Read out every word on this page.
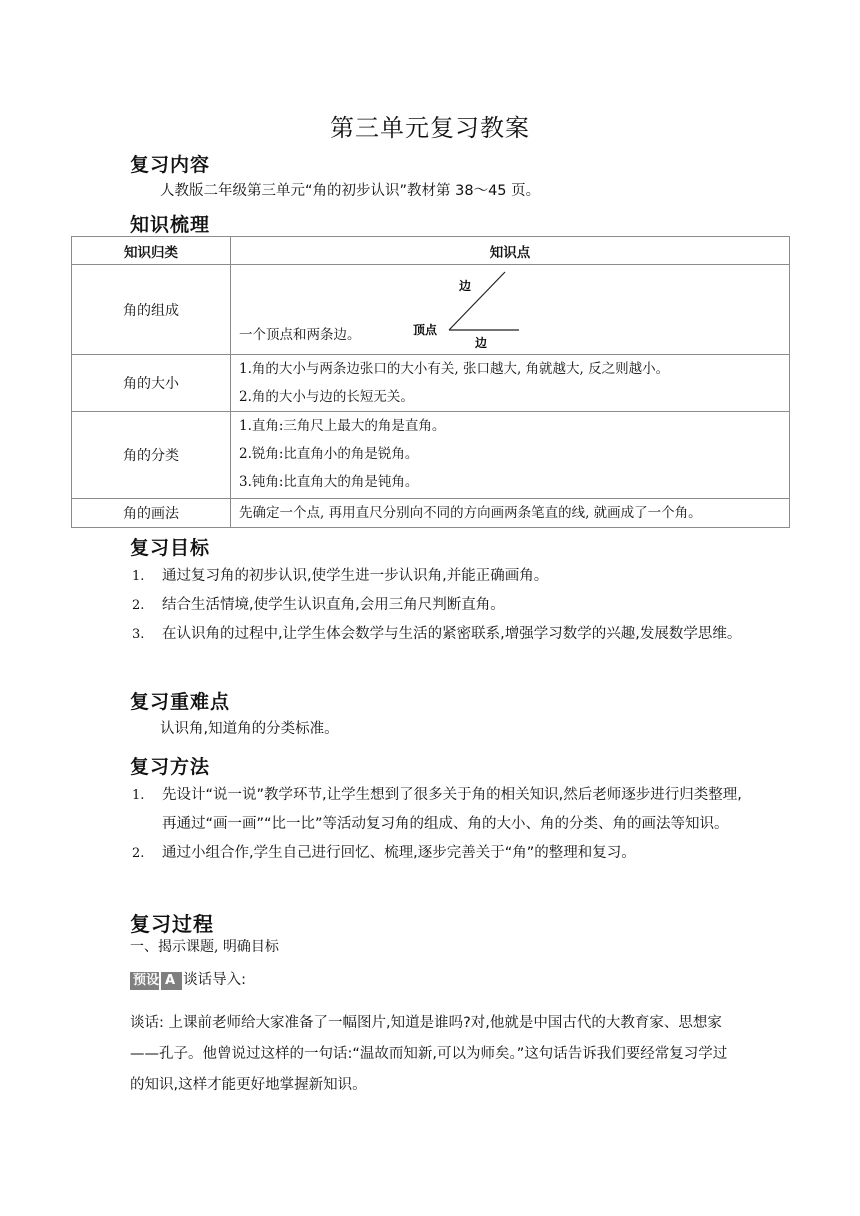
第三单元复习教案
复习内容
人教版二年级第三单元“角的初步认识”教材第 38～45 页。
知识梳理
知识归类	知识点
角的组成	一个顶点和两条边。
边
边
顶点

角的大小	1.角的大小与两条边张口的大小有关, 张口越大, 角就越大, 反之则越小。
2.角的大小与边的长短无关。

角的分类	1.直角:三角尺上最大的角是直角。
2.锐角:比直角小的角是锐角。
3.钝角:比直角大的角是钝角。

角的画法	先确定一个点, 再用直尺分别向不同的方向画两条笔直的线, 就画成了一个角。
复习目标
1. 通过复习角的初步认识,使学生进一步认识角,并能正确画角。
2. 结合生活情境,使学生认识直角,会用三角尺判断直角。
3. 在认识角的过程中,让学生体会数学与生活的紧密联系,增强学习数学的兴趣,发展数学思维。
复习重难点
认识角,知道角的分类标准。
复习方法
1. 先设计“说一说”教学环节,让学生想到了很多关于角的相关知识,然后老师逐步进行归类整理,再通过“画一画”“比一比”等活动复习角的组成、角的大小、角的分类、角的画法等知识。
2. 通过小组合作,学生自己进行回忆、梳理,逐步完善关于“角”的整理和复习。
复习过程
一、揭示课题, 明确目标
预设 A 谈话导入:
谈话: 上课前老师给大家准备了一幅图片,知道是谁吗?对,他就是中国古代的大教育家、思想家——孔子。他曾说过这样的一句话:“温故而知新,可以为师矣。”这句话告诉我们要经常复习学过的知识,这样才能更好地掌握新知识。
